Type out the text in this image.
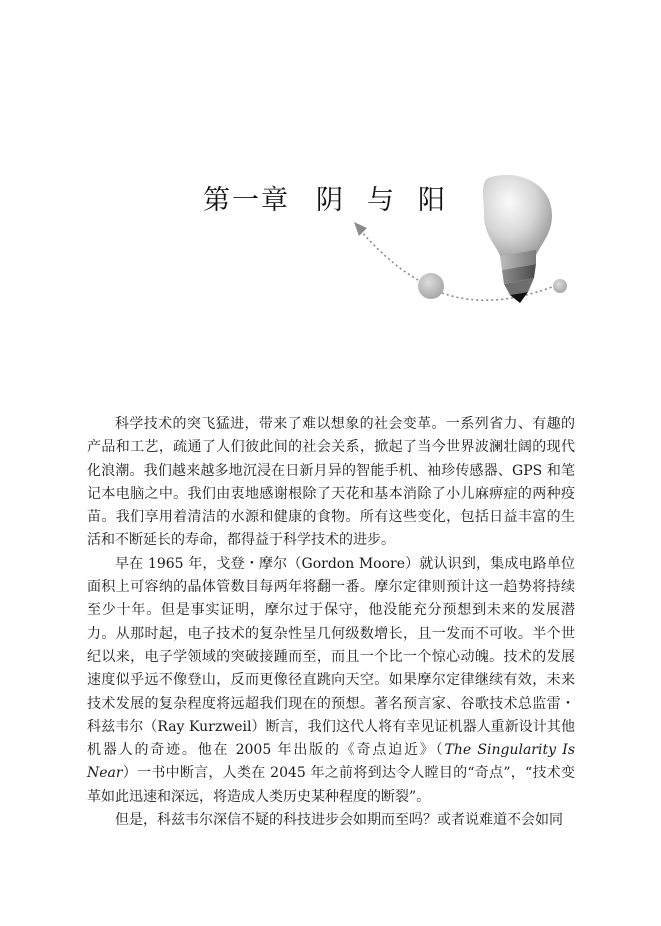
第一章 阴 与 阳

科学技术的突飞猛进，带来了难以想象的社会变革。一系列省力、有趣的产品和工艺，疏通了人们彼此间的社会关系，掀起了当今世界波澜壮阔的现代化浪潮。我们越来越多地沉浸在日新月异的智能手机、袖珍传感器、GPS 和笔记本电脑之中。我们由衷地感谢根除了天花和基本消除了小儿麻痹症的两种疫苗。我们享用着清洁的水源和健康的食物。所有这些变化，包括日益丰富的生活和不断延长的寿命，都得益于科学技术的进步。

早在 1965 年，戈登・摩尔（Gordon Moore）就认识到，集成电路单位面积上可容纳的晶体管数目每两年将翻一番。摩尔定律则预计这一趋势将持续至少十年。但是事实证明，摩尔过于保守，他没能充分预想到未来的发展潜力。从那时起，电子技术的复杂性呈几何级数增长，且一发而不可收。半个世纪以来，电子学领域的突破接踵而至，而且一个比一个惊心动魄。技术的发展速度似乎远不像登山，反而更像径直跳向天空。如果摩尔定律继续有效，未来技术发展的复杂程度将远超我们现在的预想。著名预言家、谷歌技术总监雷・科兹韦尔（Ray Kurzweil）断言，我们这代人将有幸见证机器人重新设计其他机器人的奇迹。他在 2005 年出版的《奇点迫近》（The Singularity Is Near）一书中断言，人类在 2045 年之前将到达令人瞠目的“奇点”，“技术变革如此迅速和深远，将造成人类历史某种程度的断裂”。

但是，科兹韦尔深信不疑的科技进步会如期而至吗？或者说难道不会如同
